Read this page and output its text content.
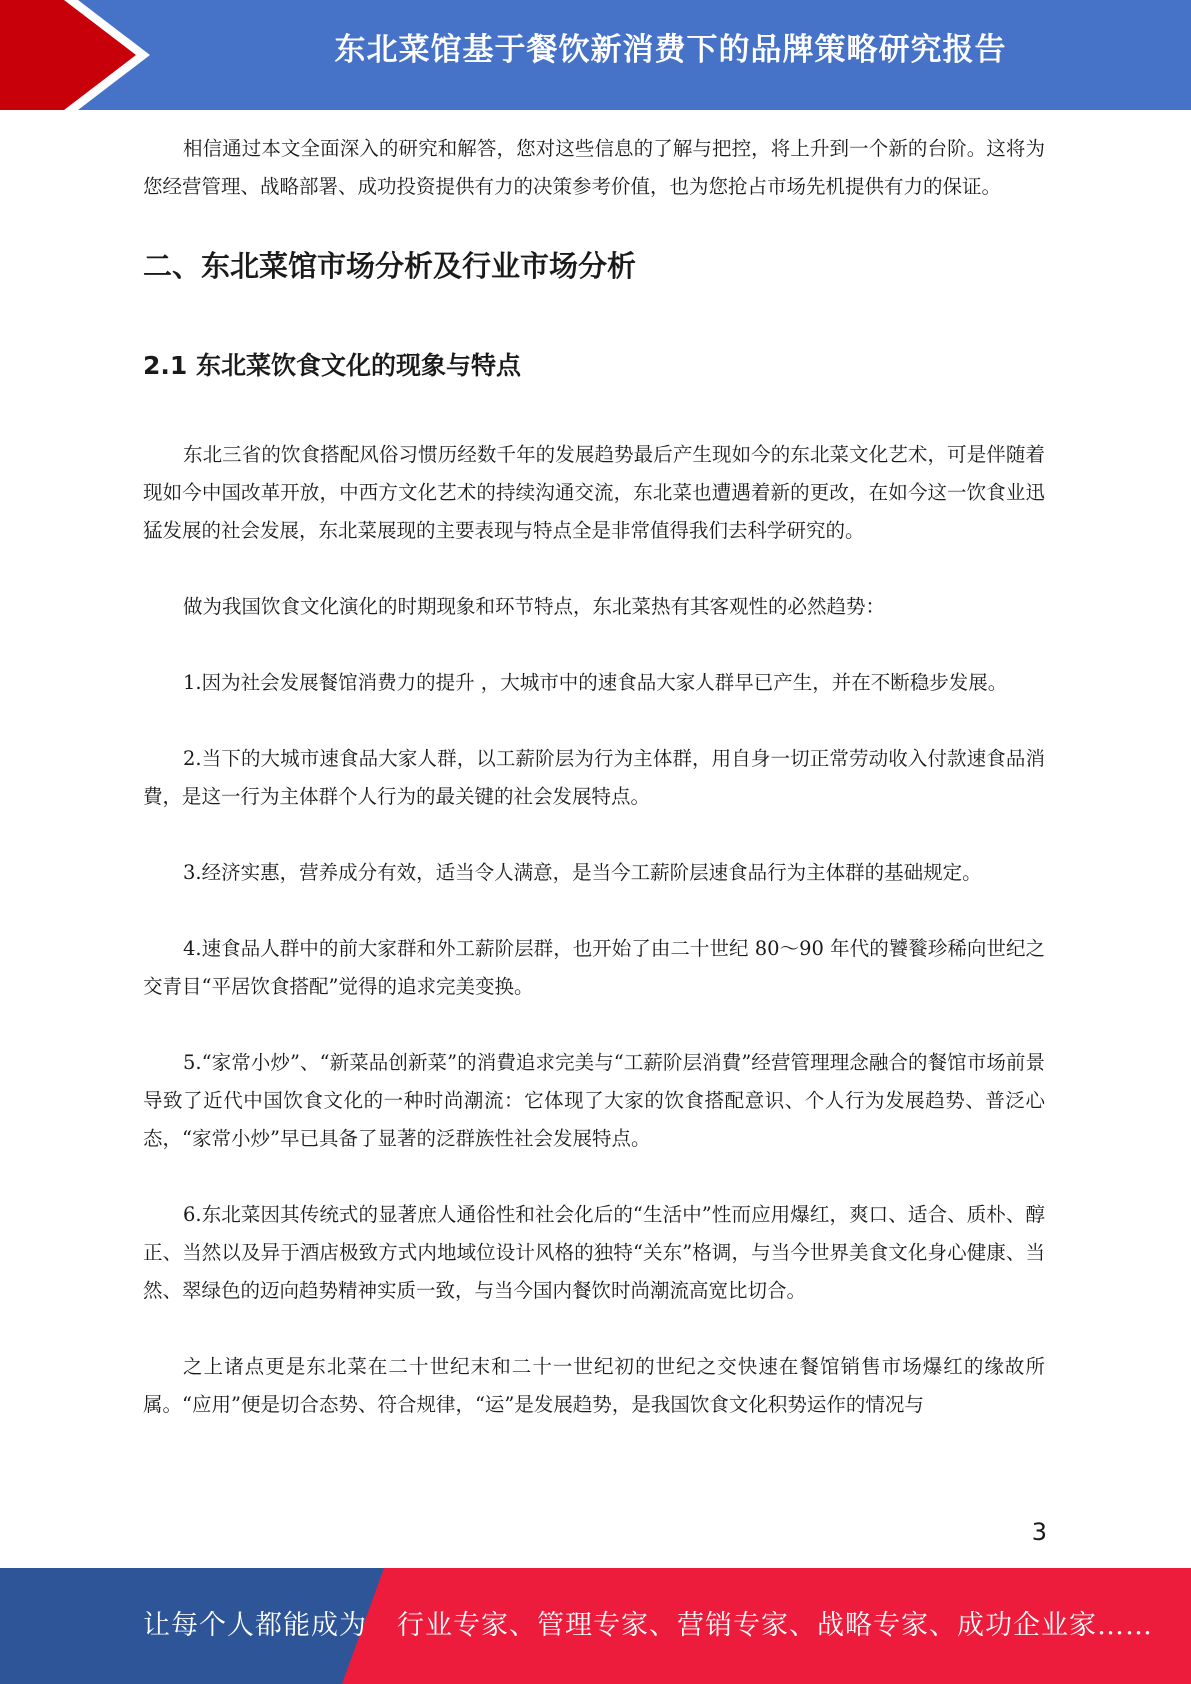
东北菜馆基于餐饮新消费下的品牌策略研究报告

相信通过本文全面深入的研究和解答，您对这些信息的了解与把控，将上升到一个新的台阶。这将为您经营管理、战略部署、成功投资提供有力的决策参考价值，也为您抢占市场先机提供有力的保证。

二、东北菜馆市场分析及行业市场分析
2.1 东北菜饮食文化的现象与特点

东北三省的饮食搭配风俗习惯历经数千年的发展趋势最后产生现如今的东北菜文化艺术，可是伴随着现如今中国改革开放，中西方文化艺术的持续沟通交流，东北菜也遭遇着新的更改，在如今这一饮食业迅猛发展的社会发展，东北菜展现的主要表现与特点全是非常值得我们去科学研究的。

做为我国饮食文化演化的时期现象和环节特点，东北菜热有其客观性的必然趋势：

1.因为社会发展餐馆消费力的提升 ，大城市中的速食品大家人群早已产生，并在不断稳步发展。

2.当下的大城市速食品大家人群，以工薪阶层为行为主体群，用自身一切正常劳动收入付款速食品消費，是这一行为主体群个人行为的最关键的社会发展特点。

3.经济实惠，营养成分有效，适当令人满意，是当今工薪阶层速食品行为主体群的基础规定。

4.速食品人群中的前大家群和外工薪阶层群，也开始了由二十世纪 80～90 年代的饕餮珍稀向世纪之交青目“平居饮食搭配”觉得的追求完美变换。

5.“家常小炒”、“新菜品创新菜”的消費追求完美与“工薪阶层消費”经营管理理念融合的餐馆市场前景导致了近代中国饮食文化的一种时尚潮流：它体现了大家的饮食搭配意识、个人行为发展趋势、普泛心态，“家常小炒”早已具备了显著的泛群族性社会发展特点。

6.东北菜因其传统式的显著庶人通俗性和社会化后的“生活中”性而应用爆红，爽口、适合、质朴、醇正、当然以及异于酒店极致方式内地域位设计风格的独特“关东”格调，与当今世界美食文化身心健康、当然、翠绿色的迈向趋势精神实质一致，与当今国内餐饮时尚潮流高宽比切合。

之上诸点更是东北菜在二十世纪末和二十一世纪初的世纪之交快速在餐馆销售市场爆红的缘故所属。“应用”便是切合态势、符合规律，“运”是发展趋势，是我国饮食文化积势运作的情况与

3
让每个人都能成为 行业专家、管理专家、营销专家、战略专家、成功企业家……
